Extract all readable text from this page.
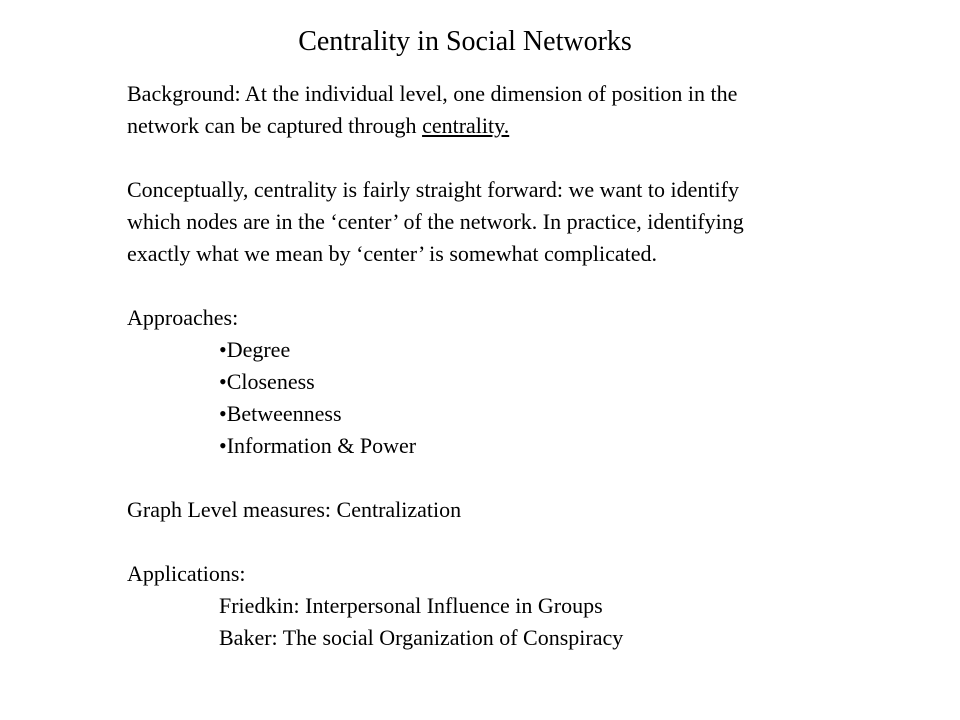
Centrality in Social Networks
Background: At the individual level, one dimension of position in the
network can be captured through centrality.
Conceptually, centrality is fairly straight forward: we want to identify
which nodes are in the ‘center’ of the network. In practice, identifying
exactly what we mean by ‘center’ is somewhat complicated.
Approaches:
•Degree
•Closeness
•Betweenness
•Information & Power
Graph Level measures: Centralization
Applications:
Friedkin: Interpersonal Influence in Groups
Baker: The social Organization of Conspiracy
